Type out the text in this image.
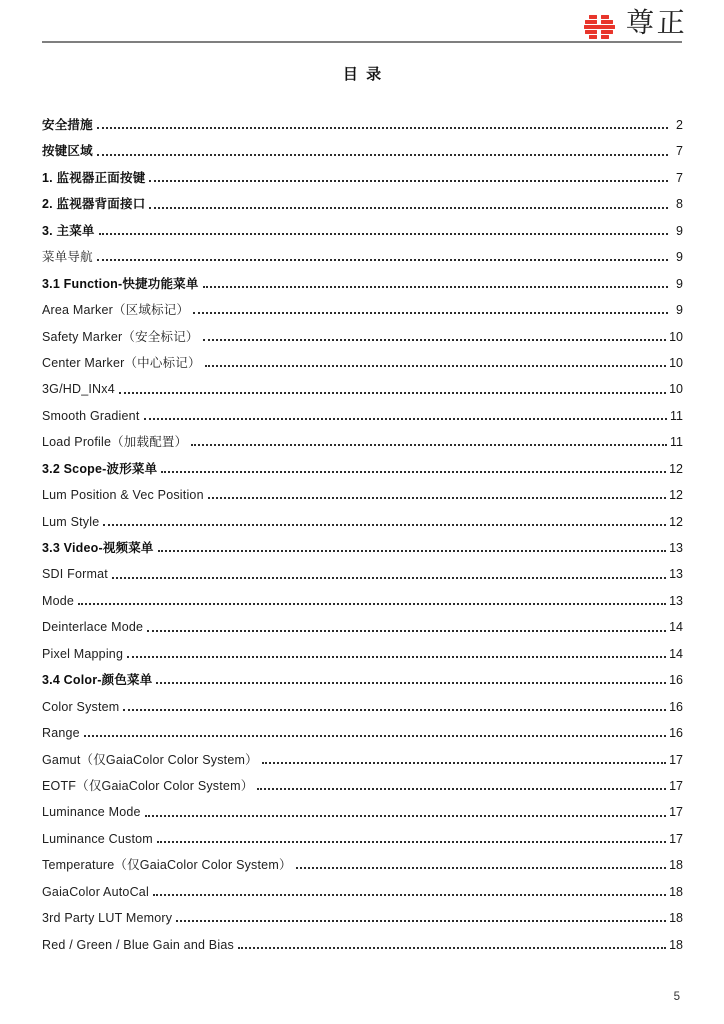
尊正
目  录
安全措施	2
按键区域	7
1. 监视器正面按键	7
2. 监视器背面接口	8
3. 主菜单	9
菜单导航	9
3.1 Function-快捷功能菜单	9
Area Marker（区域标记）	9
Safety Marker（安全标记）	10
Center Marker（中心标记）	10
3G/HD_INx4	10
Smooth Gradient	11
Load Profile（加载配置）	11
3.2 Scope-波形菜单	12
Lum Position & Vec Position	12
Lum Style	12
3.3 Video-视频菜单	13
SDI Format	13
Mode	13
Deinterlace Mode	14
Pixel Mapping	14
3.4 Color-颜色菜单	16
Color System	16
Range	16
Gamut（仅GaiaColor Color System）	17
EOTF（仅GaiaColor Color System）	17
Luminance Mode	17
Luminance Custom	17
Temperature（仅GaiaColor Color System）	18
GaiaColor AutoCal	18
3rd Party LUT Memory	18
Red / Green / Blue Gain and Bias	18
5
